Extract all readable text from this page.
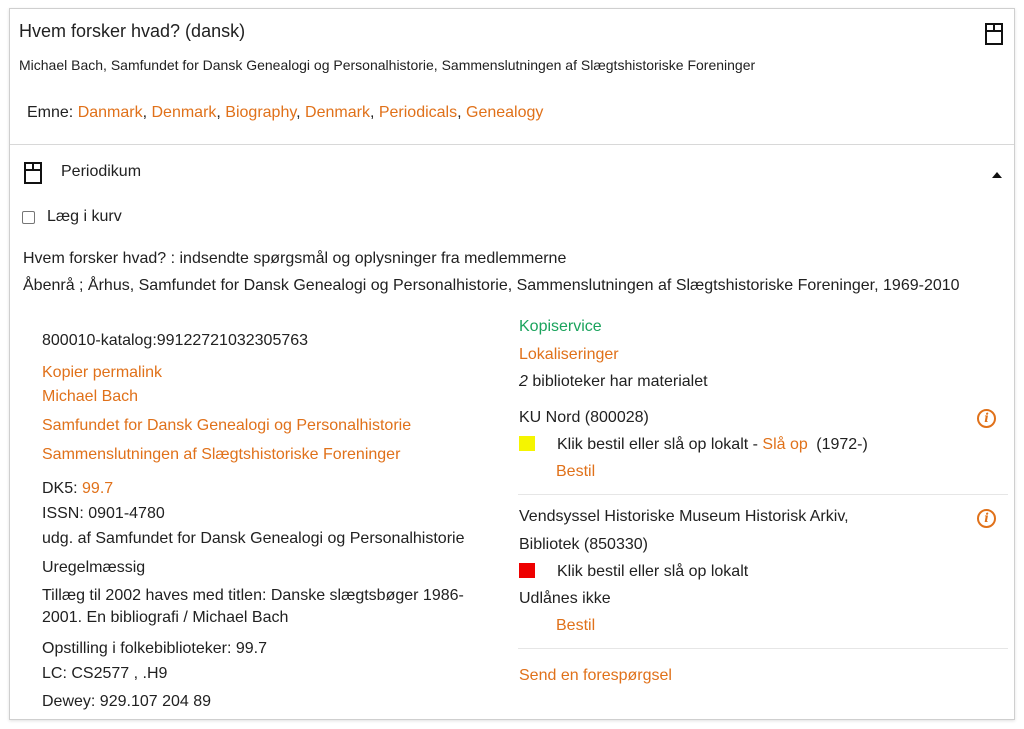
Hvem forsker hvad? (dansk)
Michael Bach, Samfundet for Dansk Genealogi og Personalhistorie, Sammenslutningen af Slægtshistoriske Foreninger
Emne: Danmark, Denmark, Biography, Denmark, Periodicals, Genealogy
Periodikum
Læg i kurv
Hvem forsker hvad? : indsendte spørgsmål og oplysninger fra medlemmerne
Åbenrå ; Århus, Samfundet for Dansk Genealogi og Personalhistorie, Sammenslutningen af Slægtshistoriske Foreninger, 1969-2010
800010-katalog:99122721032305763
Kopier permalink
Michael Bach
Samfundet for Dansk Genealogi og Personalhistorie
Sammenslutningen af Slægtshistoriske Foreninger
DK5: 99.7
ISSN: 0901-4780
udg. af Samfundet for Dansk Genealogi og Personalhistorie
Uregelmæssig
Tillæg til 2002 haves med titlen: Danske slægtsbøger 1986-
2001. En bibliografi / Michael Bach
Opstilling i folkebiblioteker: 99.7
LC: CS2577 , .H9
Dewey: 929.107 204 89
Kopiservice
Lokaliseringer
2 biblioteker har materialet
KU Nord (800028)	i
Klik bestil eller slå op lokalt - Slå op (1972-)
Bestil
Vendsyssel Historiske Museum Historisk Arkiv,	i
Bibliotek (850330)
Klik bestil eller slå op lokalt
Udlånes ikke
Bestil
Send en forespørgsel
